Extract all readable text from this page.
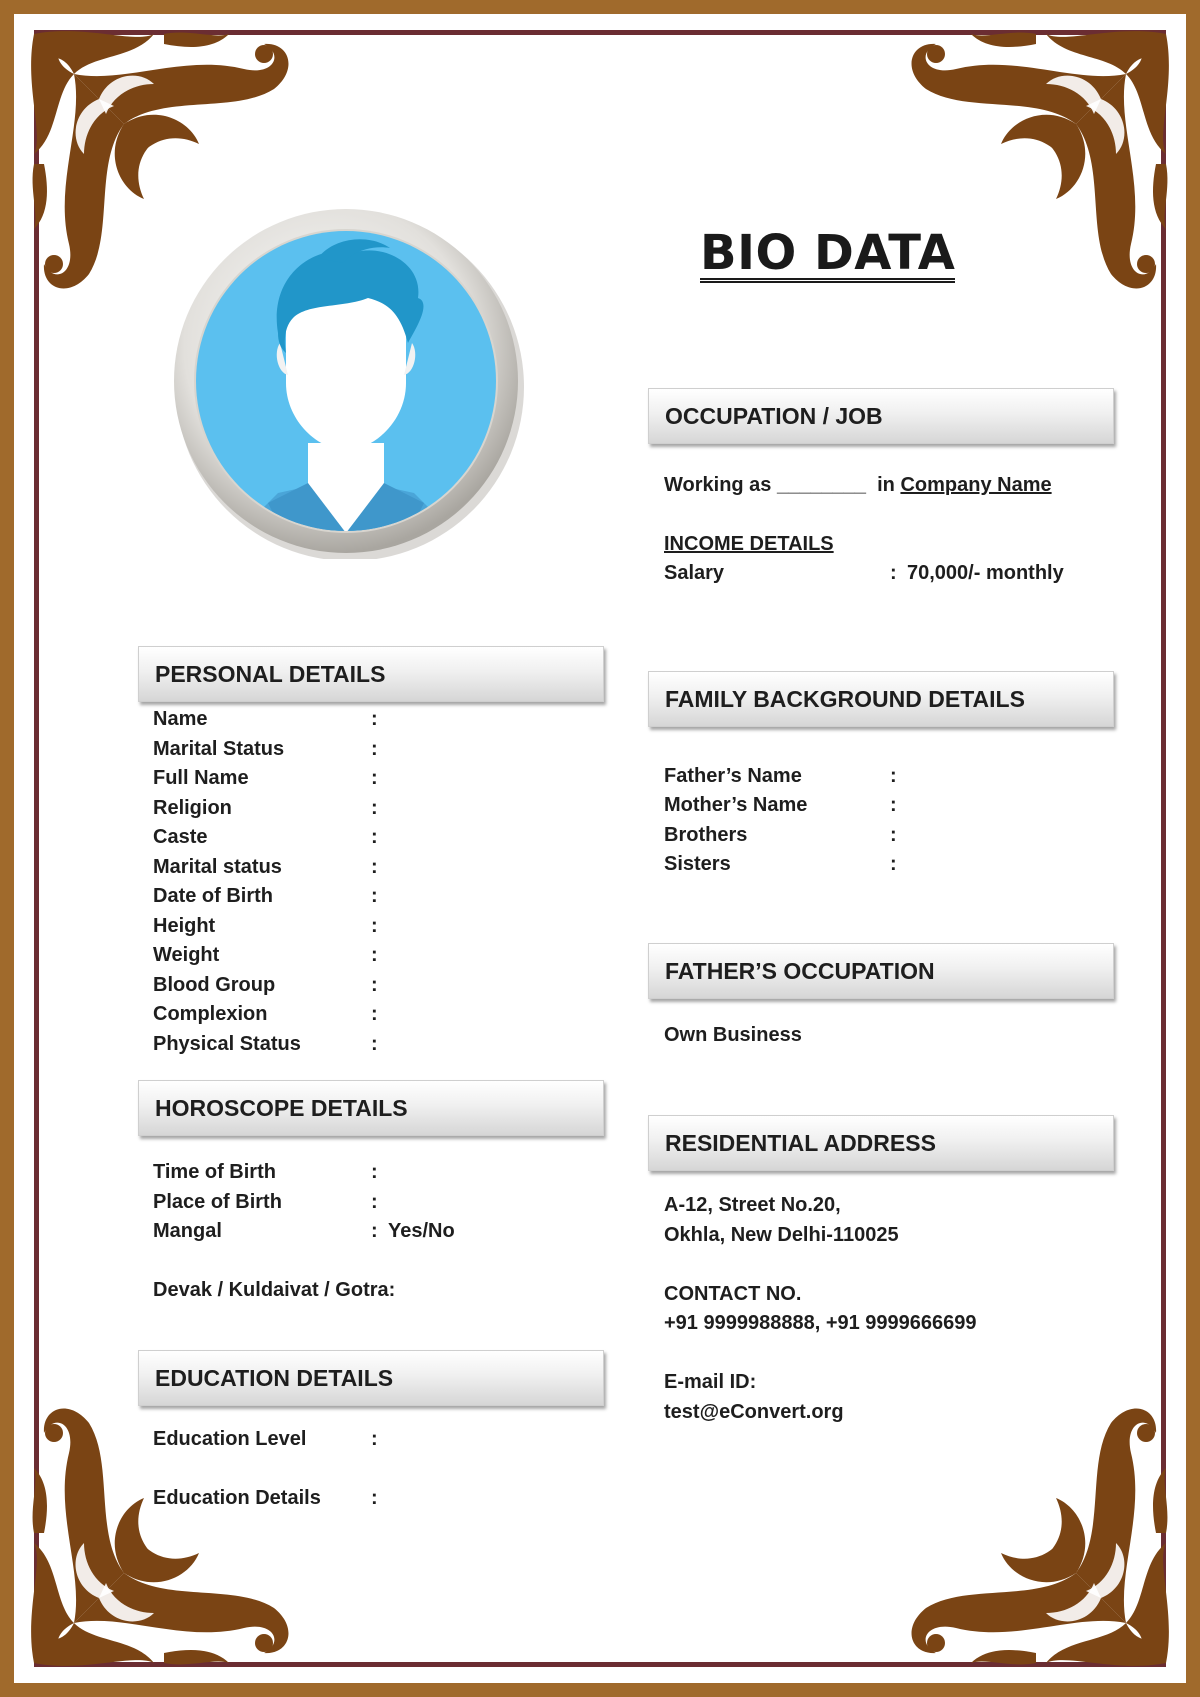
BIO DATA
OCCUPATION / JOB
Working as ________ in Company Name
INCOME DETAILS
Salary	: 70,000/- monthly
FAMILY BACKGROUND DETAILS
Father’s Name	:
Mother’s Name	:
Brothers	:
Sisters	:
FATHER’S OCCUPATION
Own Business
RESIDENTIAL ADDRESS
A-12, Street No.20,
Okhla, New Delhi-110025
CONTACT NO.
+91 9999988888, +91 9999666699
E-mail ID:
test@eConvert.org
PERSONAL DETAILS
Name	:
Marital Status	:
Full Name	:
Religion	:
Caste	:
Marital status	:
Date of Birth	:
Height	:
Weight	:
Blood Group	:
Complexion	:
Physical Status	:
HOROSCOPE DETAILS
Time of Birth	:
Place of Birth	:
Mangal	: Yes/No
Devak / Kuldaivat / Gotra:
EDUCATION DETAILS
Education Level	:
Education Details	:
